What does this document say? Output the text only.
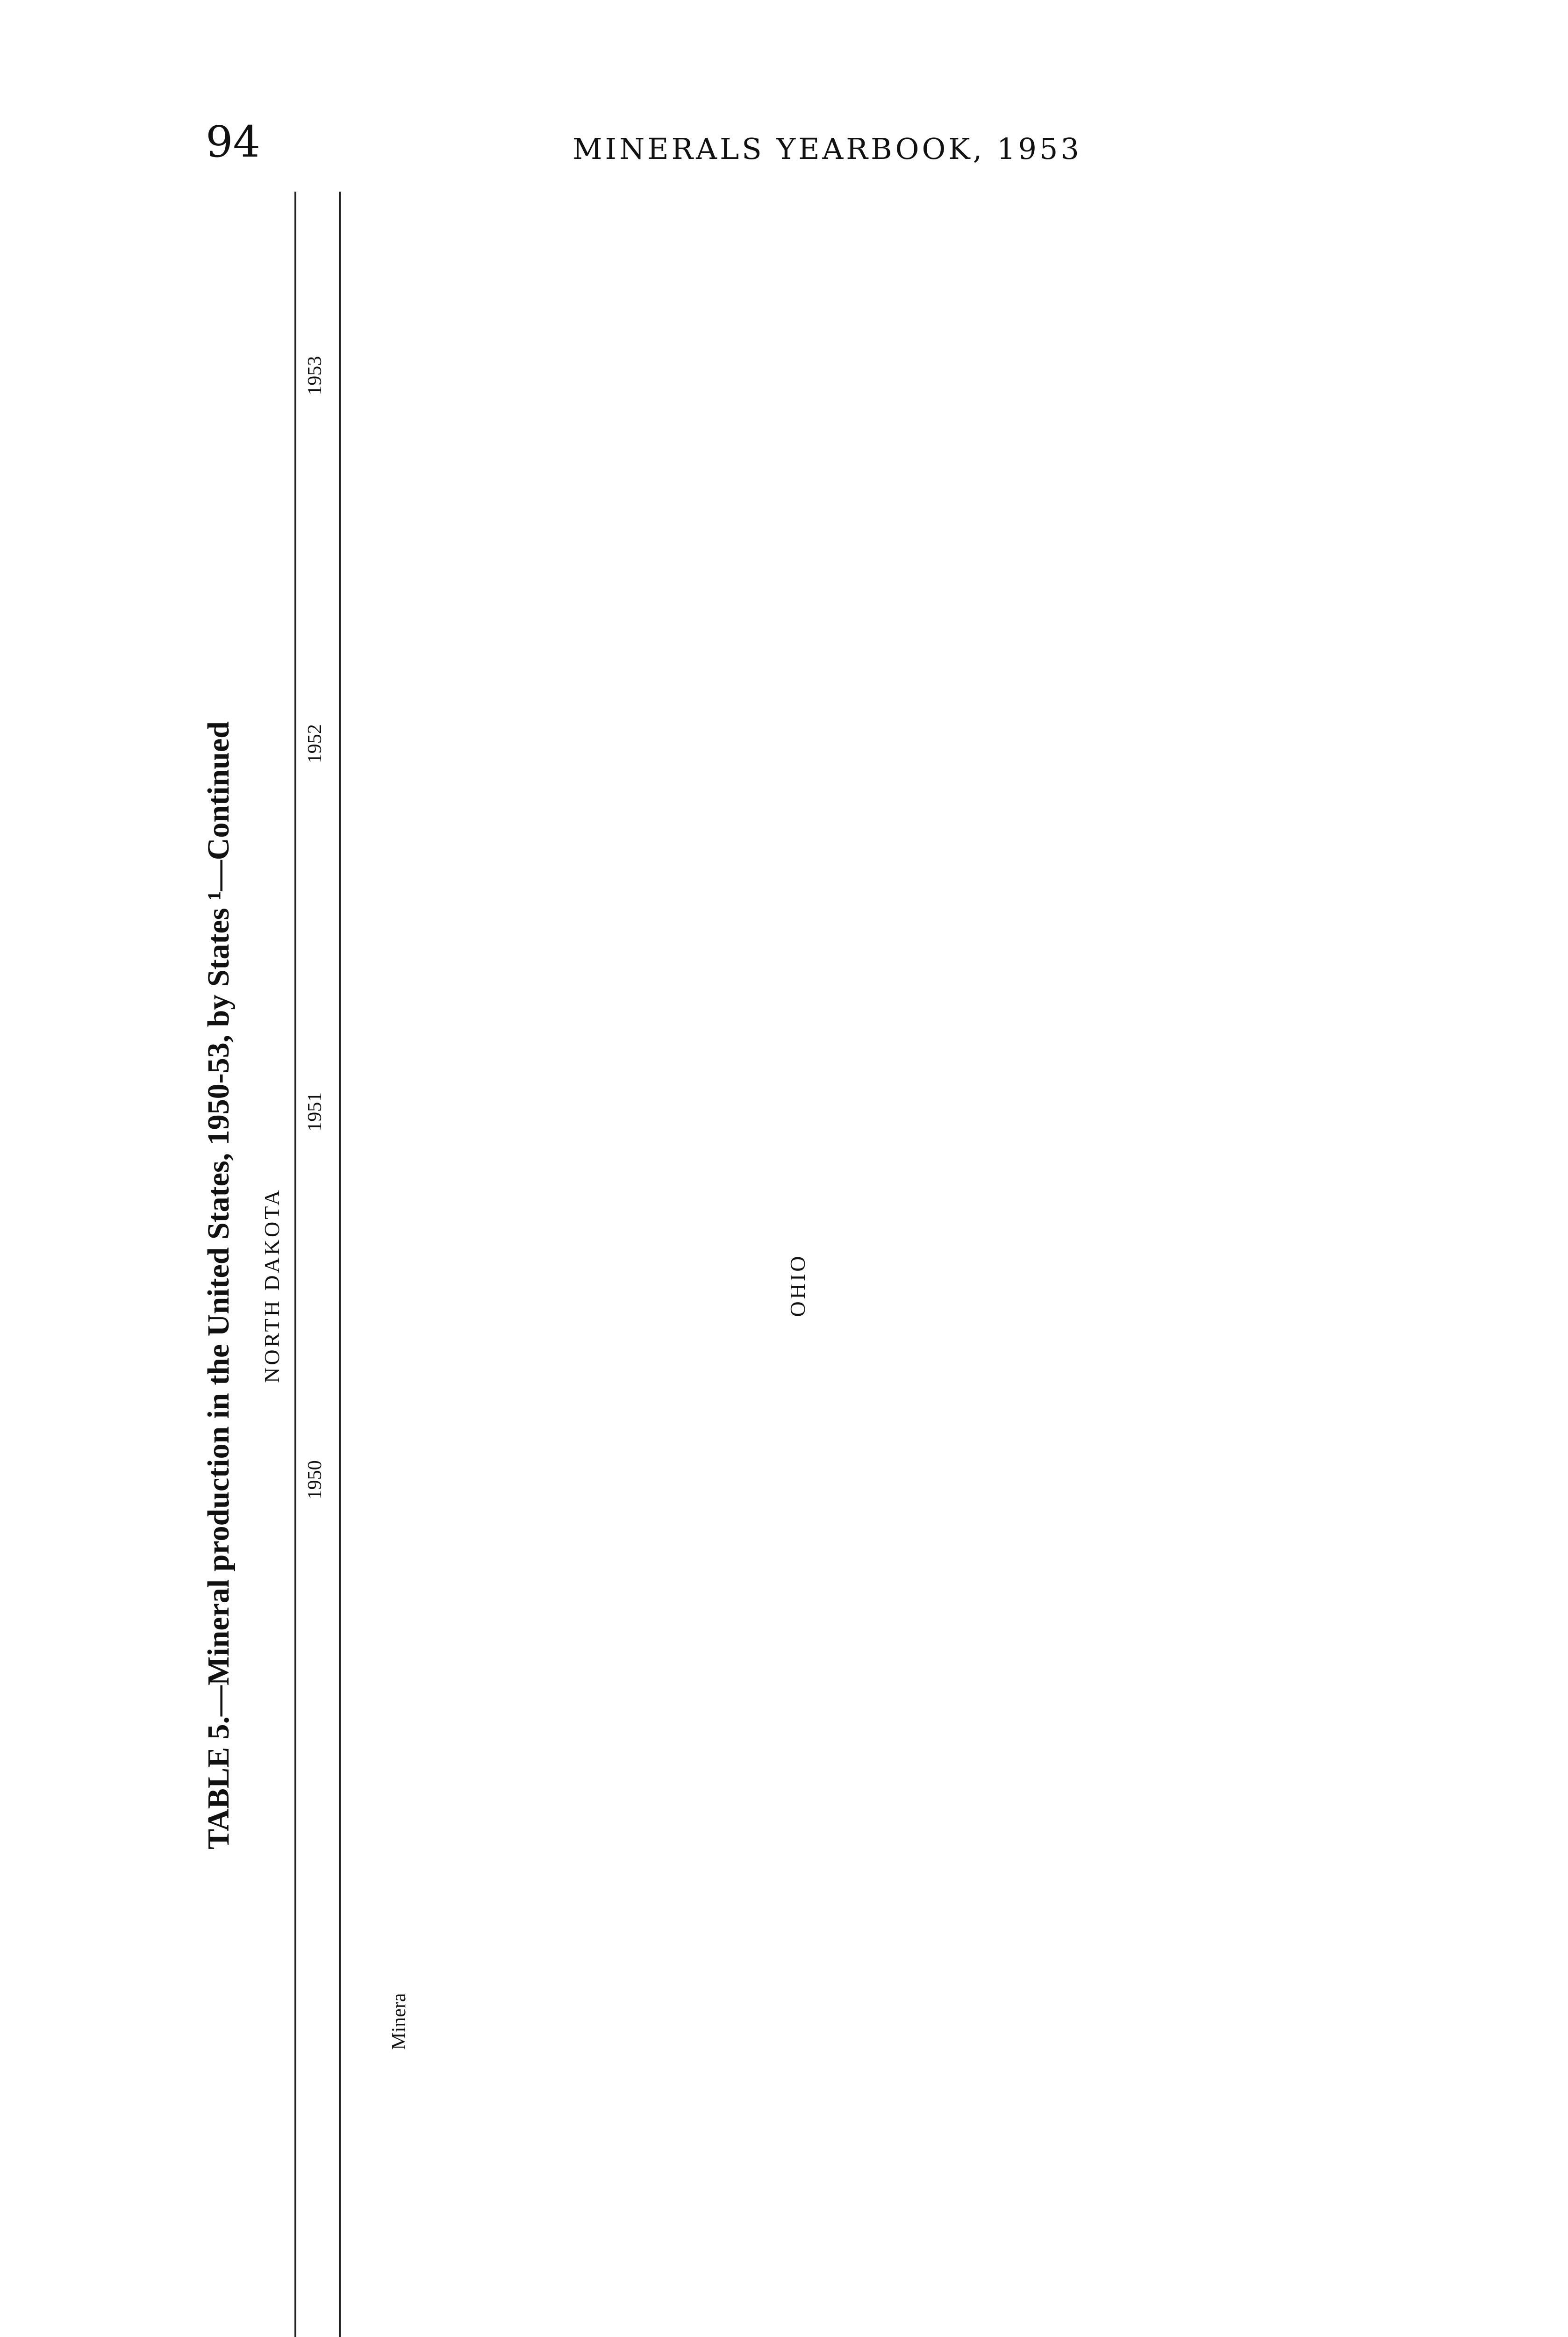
94	MINERALS YEARBOOK, 1953
TABLE 5.—Mineral production in the United States, 1950-53, by States ¹—Continued NORTH DAKOTA	OHIO
Minera
1950
1951
1952
1953
